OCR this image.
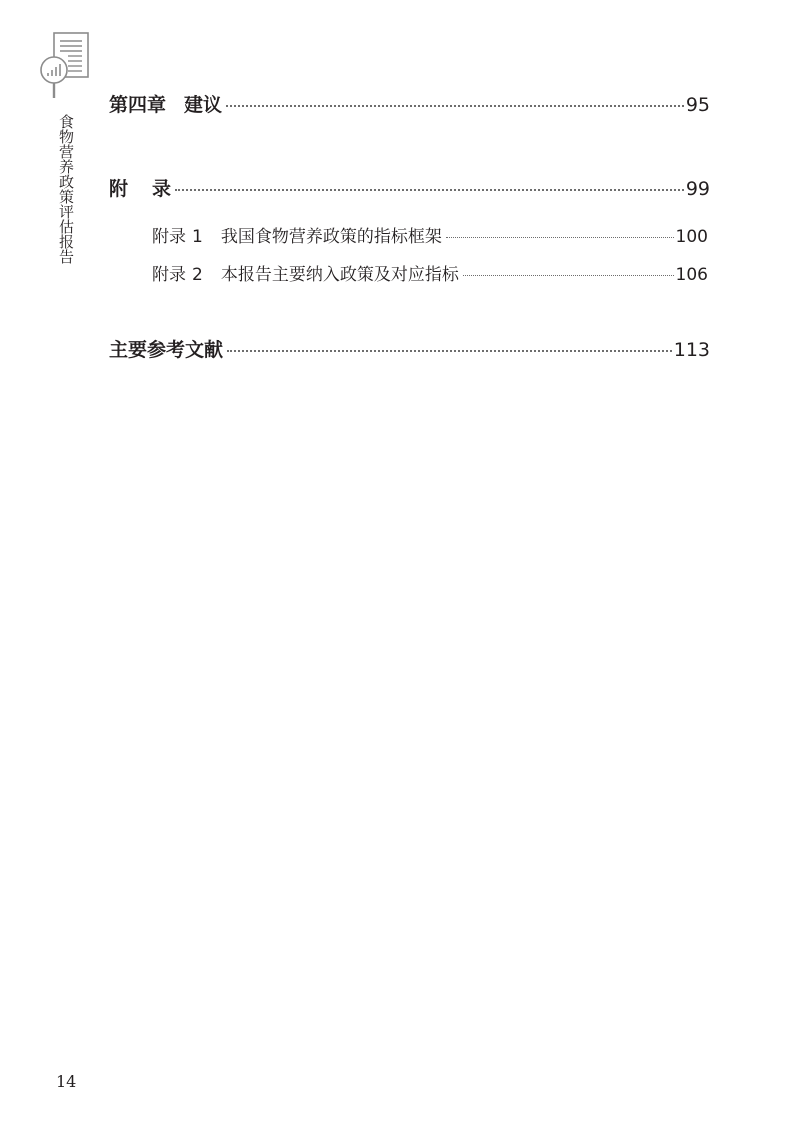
食物营养政策评估报告
第四章 建议	95
附 录	99
附录 1 我国食物营养政策的指标框架	100
附录 2 本报告主要纳入政策及对应指标	106
主要参考文献	113
14
